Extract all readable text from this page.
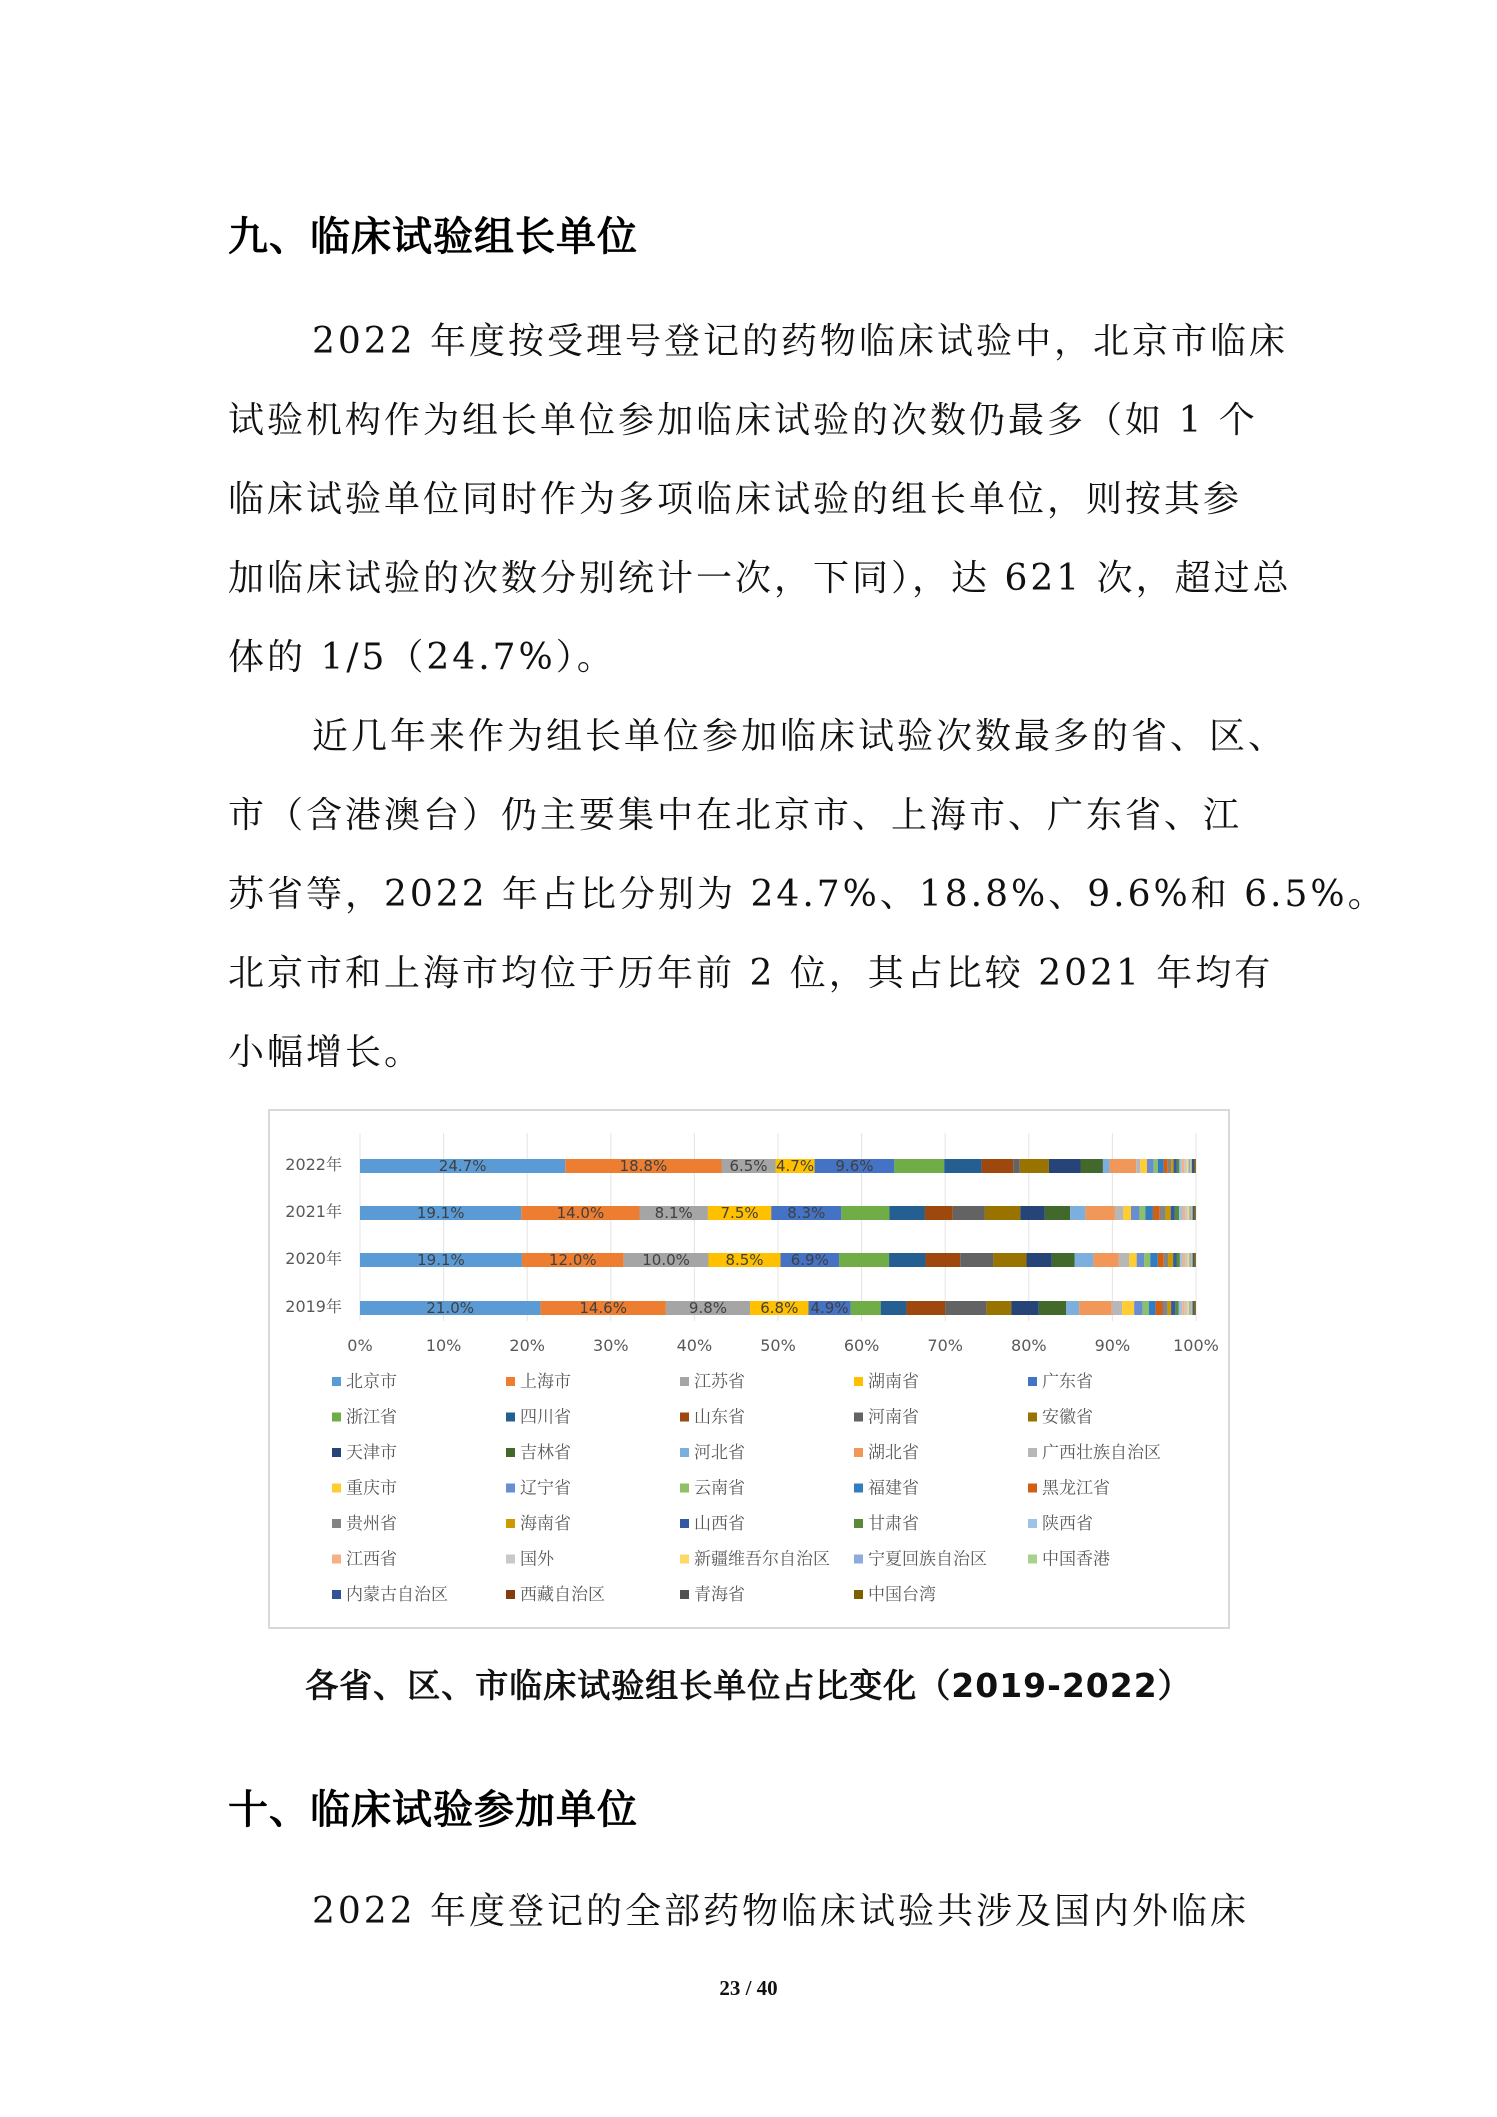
九、临床试验组长单位
2022 年度按受理号登记的药物临床试验中，北京市临床
试验机构作为组长单位参加临床试验的次数仍最多（如 1 个
临床试验单位同时作为多项临床试验的组长单位，则按其参
加临床试验的次数分别统计一次，下同），达 621 次，超过总
体的 1/5（24.7%）。
近几年来作为组长单位参加临床试验次数最多的省、区、
市（含港澳台）仍主要集中在北京市、上海市、广东省、江
苏省等，2022 年占比分别为 24.7%、18.8%、9.6%和 6.5%。
北京市和上海市均位于历年前 2 位，其占比较 2021 年均有
小幅增长。
0%	10%	20%	30%	40%	50%	60%	70%	80%	90%	100%
2022年
2021年
2020年
2019年
24.7%	18.8%	6.5% 4.7% 9.6%
19.1%	14.0%	8.1% 7.5% 8.3%
19.1%	12.0%	10.0% 8.5% 6.9%
21.0%	14.6%	9.8% 6.8% 4.9%
北京市	上海市	江苏省	湖南省	广东省
浙江省	四川省	山东省	河南省	安徽省
天津市	吉林省	河北省	湖北省	广西壮族自治区
重庆市	辽宁省	云南省	福建省	黑龙江省
贵州省	海南省	山西省	甘肃省	陕西省
江西省	国外	新疆维吾尔自治区 宁夏回族自治区	中国香港
内蒙古自治区	西藏自治区	青海省	中国台湾
各省、区、市临床试验组长单位占比变化（2019-2022）
十、临床试验参加单位
2022 年度登记的全部药物临床试验共涉及国内外临床
23 / 40
